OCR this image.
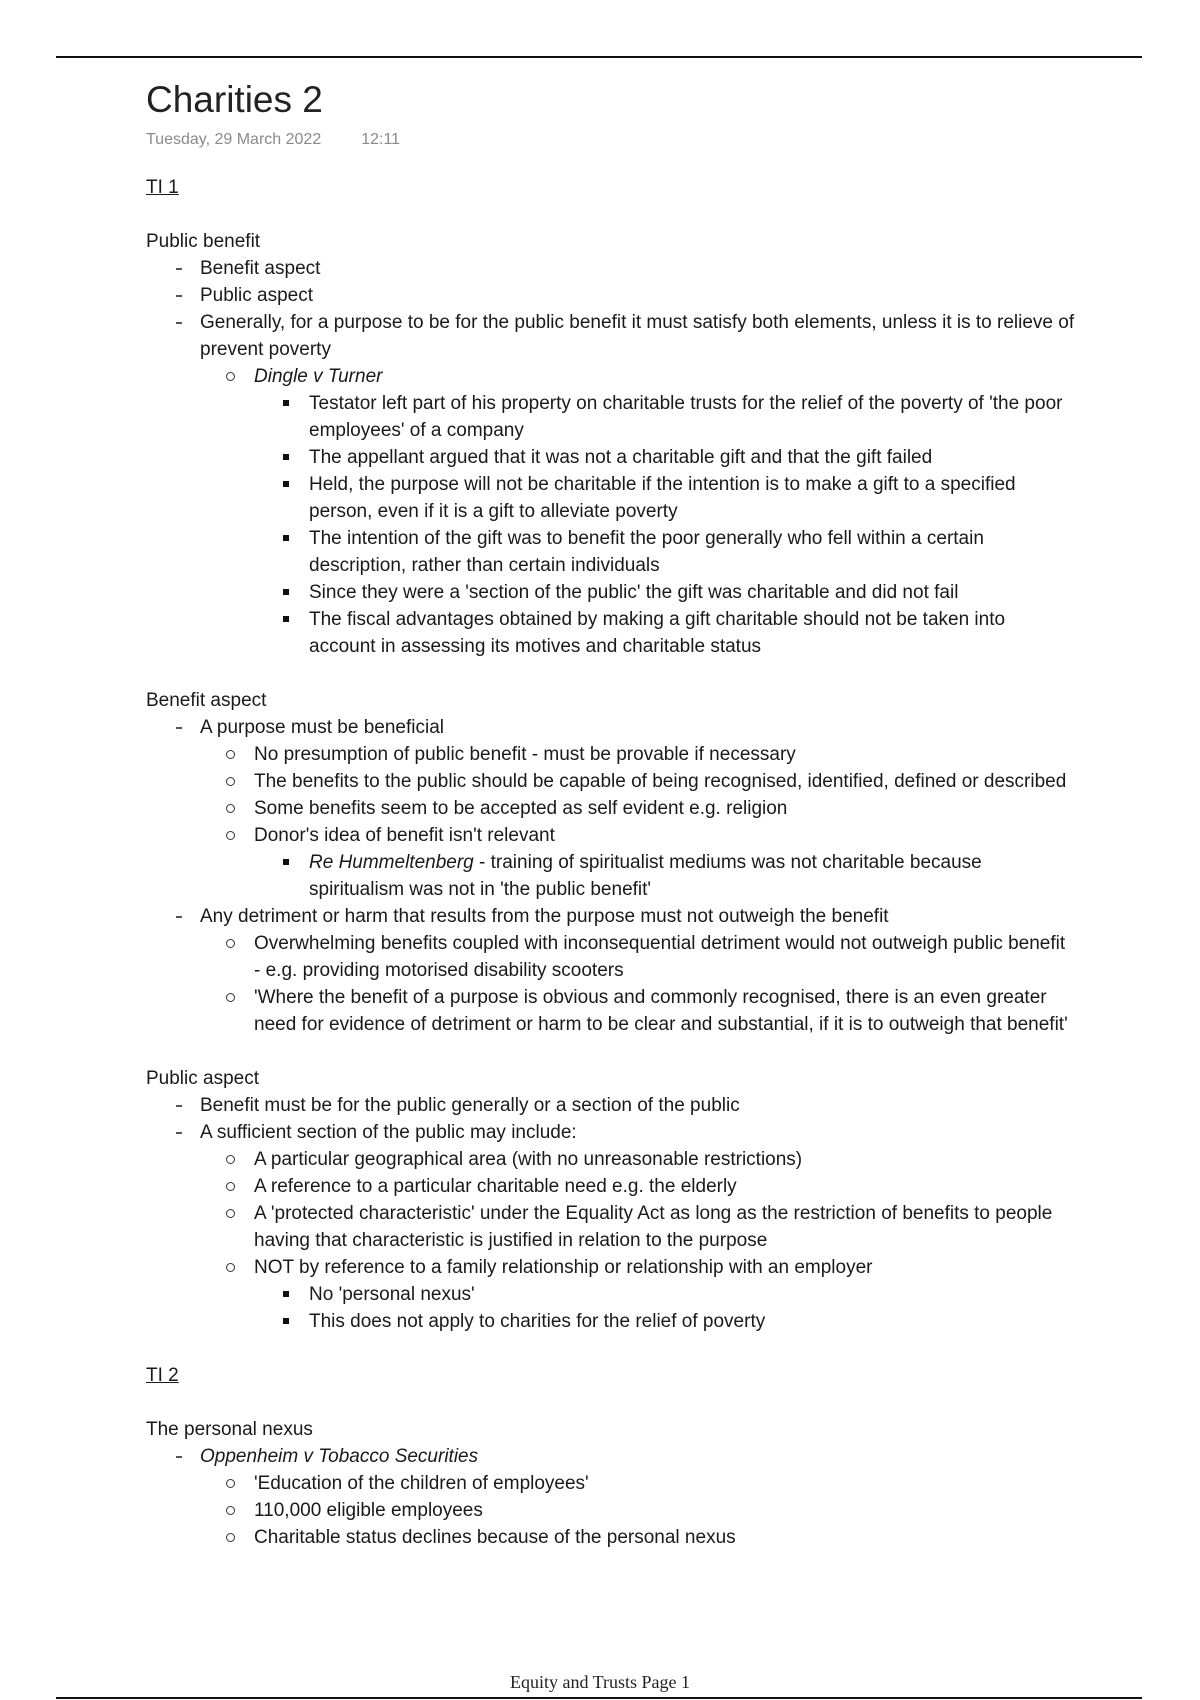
Charities 2
Tuesday, 29 March 2022	12:11
TI 1
Public benefit
Benefit aspect
Public aspect
Generally, for a purpose to be for the public benefit it must satisfy both elements, unless it is to relieve of prevent poverty
Dingle v Turner
Testator left part of his property on charitable trusts for the relief of the poverty of 'the poor employees' of a company
The appellant argued that it was not a charitable gift and that the gift failed
Held, the purpose will not be charitable if the intention is to make a gift to a specified person, even if it is a gift to alleviate poverty
The intention of the gift was to benefit the poor generally who fell within a certain description, rather than certain individuals
Since they were a 'section of the public' the gift was charitable and did not fail
The fiscal advantages obtained by making a gift charitable should not be taken into account in assessing its motives and charitable status
Benefit aspect
A purpose must be beneficial
No presumption of public benefit - must be provable if necessary
The benefits to the public should be capable of being recognised, identified, defined or described
Some benefits seem to be accepted as self evident e.g. religion
Donor's idea of benefit isn't relevant
Re Hummeltenberg - training of spiritualist mediums was not charitable because spiritualism was not in 'the public benefit'
Any detriment or harm that results from the purpose must not outweigh the benefit
Overwhelming benefits coupled with inconsequential detriment would not outweigh public benefit - e.g. providing motorised disability scooters
'Where the benefit of a purpose is obvious and commonly recognised, there is an even greater need for evidence of detriment or harm to be clear and substantial, if it is to outweigh that benefit'
Public aspect
Benefit must be for the public generally or a section of the public
A sufficient section of the public may include:
A particular geographical area (with no unreasonable restrictions)
A reference to a particular charitable need e.g. the elderly
A 'protected characteristic' under the Equality Act as long as the restriction of benefits to people having that characteristic is justified in relation to the purpose
NOT by reference to a family relationship or relationship with an employer
No 'personal nexus'
This does not apply to charities for the relief of poverty
TI 2
The personal nexus
Oppenheim v Tobacco Securities
'Education of the children of employees'
110,000 eligible employees
Charitable status declines because of the personal nexus
Equity and Trusts Page 1
